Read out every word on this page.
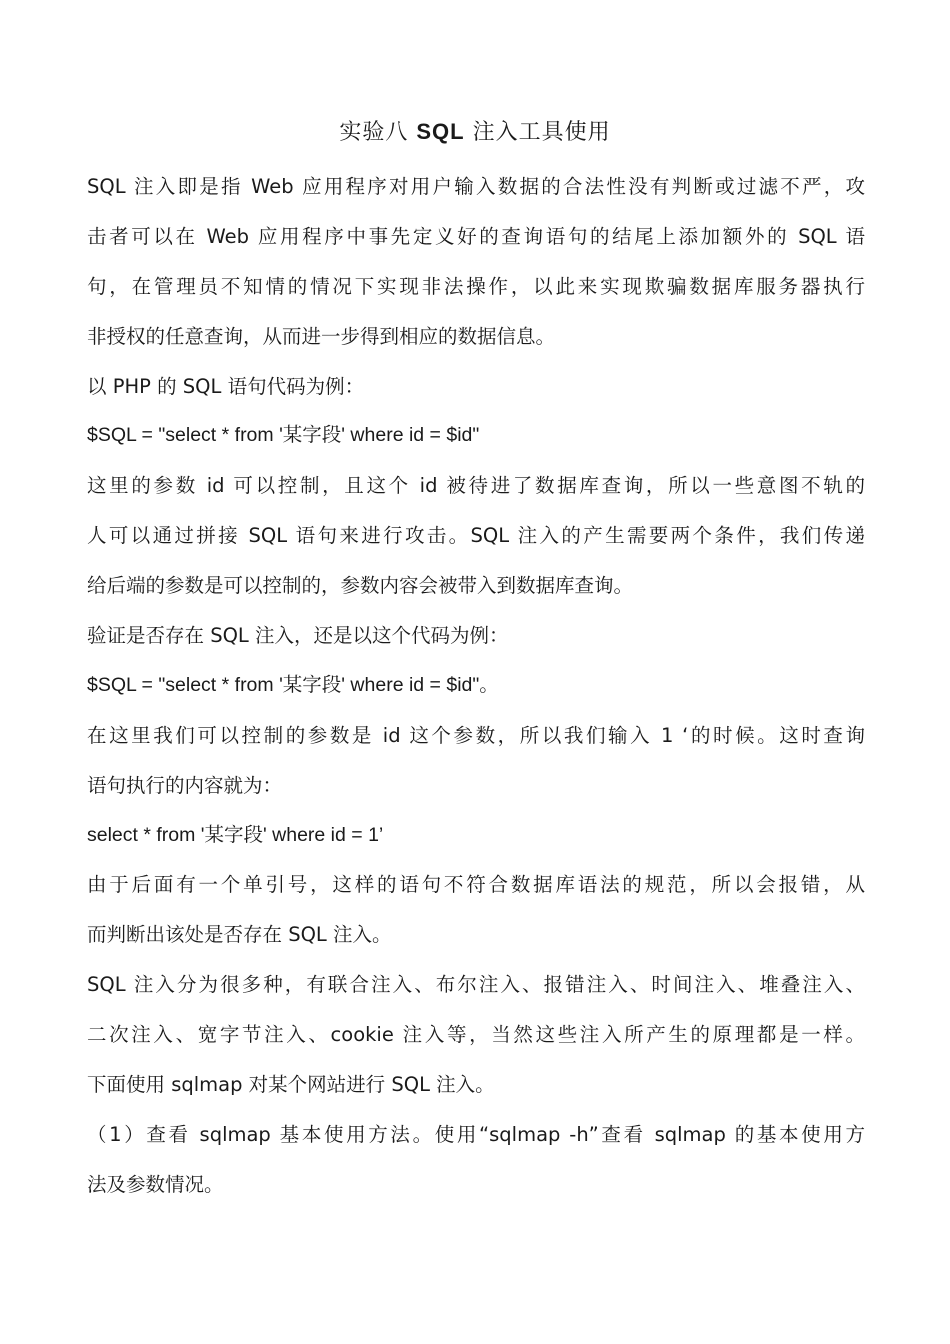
实验八 SQL 注入工具使用
SQL 注入即是指 Web 应用程序对用户输入数据的合法性没有判断或过滤不严，攻
击者可以在 Web 应用程序中事先定义好的查询语句的结尾上添加额外的 SQL 语
句，在管理员不知情的情况下实现非法操作，以此来实现欺骗数据库服务器执行
非授权的任意查询，从而进一步得到相应的数据信息。
以 PHP 的 SQL 语句代码为例：
$SQL = "select * from '某字段' where id = $id"
这里的参数 id 可以控制，且这个 id 被待进了数据库查询，所以一些意图不轨的
人可以通过拼接 SQL 语句来进行攻击。SQL 注入的产生需要两个条件，我们传递
给后端的参数是可以控制的，参数内容会被带入到数据库查询。
验证是否存在 SQL 注入，还是以这个代码为例：
$SQL = "select * from '某字段' where id = $id"。
在这里我们可以控制的参数是 id 这个参数，所以我们输入 1 ‘的时候。这时查询
语句执行的内容就为：
select * from '某字段' where id = 1’
由于后面有一个单引号，这样的语句不符合数据库语法的规范，所以会报错，从
而判断出该处是否存在 SQL 注入。
SQL 注入分为很多种，有联合注入、布尔注入、报错注入、时间注入、堆叠注入、
二次注入、宽字节注入、cookie 注入等，当然这些注入所产生的原理都是一样。
下面使用 sqlmap 对某个网站进行 SQL 注入。
（1）查看 sqlmap 基本使用方法。使用“sqlmap -h”查看 sqlmap 的基本使用方
法及参数情况。
